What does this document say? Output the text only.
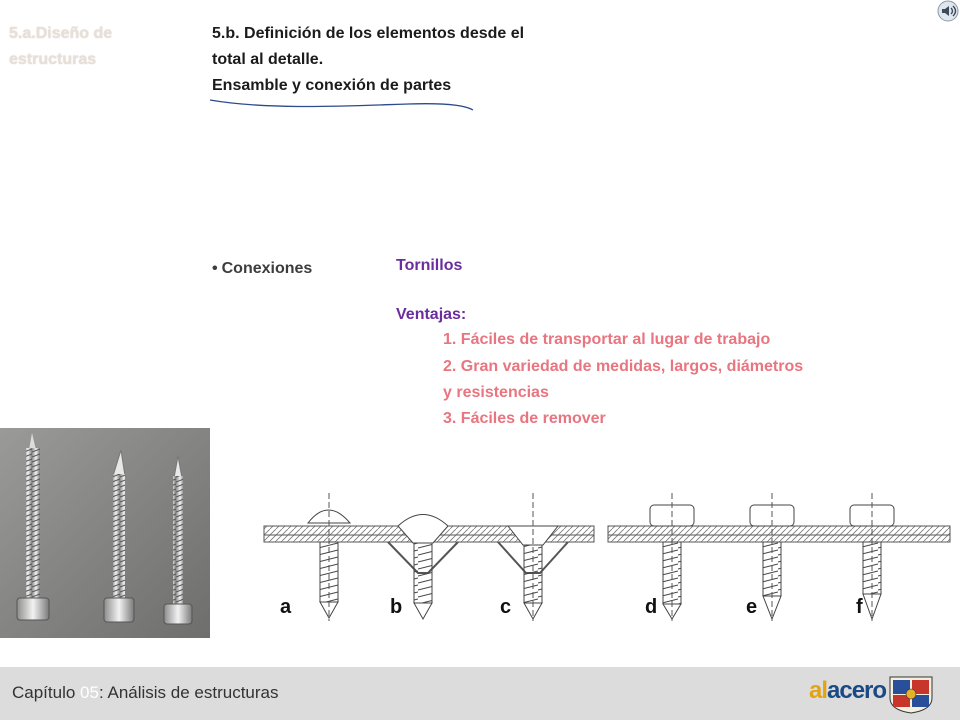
5.a.Diseño de estructuras
5.b. Definición de los elementos desde el total al detalle.
Ensamble y conexión de partes
• Conexiones	Tornillos
Ventajas:
1. Fáciles de transportar al lugar de trabajo
2. Gran variedad de medidas, largos, diámetros
y resistencias
3. Fáciles de remover
a	b	c	d	e	f
Capítulo 05: Análisis de estructuras	alacero
